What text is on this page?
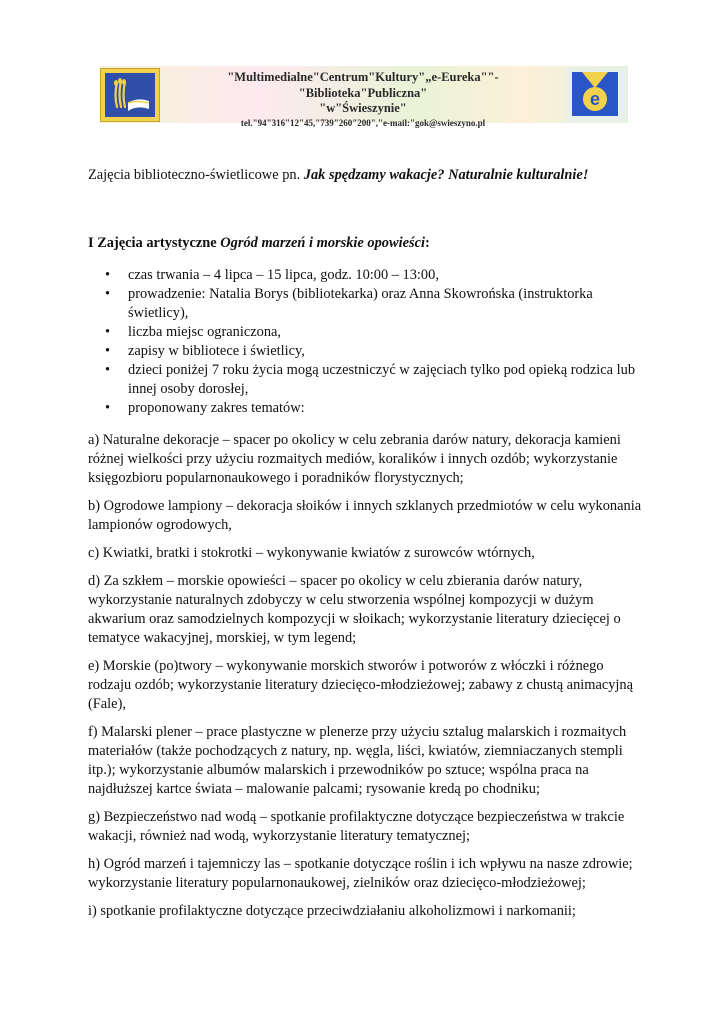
e
"Multimedialne"Centrum"Kultury"„e-Eureka""-"Biblioteka"Publiczna"
"w"Świeszynie"
tel."94"316"12"45,"739"260"200","e-mail:"gok@swieszyno.pl

Zajęcia biblioteczno-świetlicowe pn. Jak spędzamy wakacje? Naturalnie kulturalnie!

I Zajęcia artystyczne Ogród marzeń i morskie opowieści:

• czas trwania – 4 lipca – 15 lipca, godz. 10:00 – 13:00,
• prowadzenie: Natalia Borys (bibliotekarka) oraz Anna Skowrońska (instruktorka świetlicy),
• liczba miejsc ograniczona,
• zapisy w bibliotece i świetlicy,
• dzieci poniżej 7 roku życia mogą uczestniczyć w zajęciach tylko pod opieką rodzica lub innej osoby dorosłej,
• proponowany zakres tematów:

a) Naturalne dekoracje – spacer po okolicy w celu zebrania darów natury, dekoracja kamieni różnej wielkości przy użyciu rozmaitych mediów, koralików i innych ozdób; wykorzystanie księgozbioru popularnonaukowego i poradników florystycznych;

b) Ogrodowe lampiony – dekoracja słoików i innych szklanych przedmiotów w celu wykonania lampionów ogrodowych,

c) Kwiatki, bratki i stokrotki – wykonywanie kwiatów z surowców wtórnych,

d) Za szkłem – morskie opowieści – spacer po okolicy w celu zbierania darów natury, wykorzystanie naturalnych zdobyczy w celu stworzenia wspólnej kompozycji w dużym akwarium oraz samodzielnych kompozycji w słoikach; wykorzystanie literatury dziecięcej o tematyce wakacyjnej, morskiej, w tym legend;

e) Morskie (po)twory – wykonywanie morskich stworów i potworów z włóczki i różnego rodzaju ozdób; wykorzystanie literatury dziecięco-młodzieżowej; zabawy z chustą animacyjną (Fale),

f) Malarski plener – prace plastyczne w plenerze przy użyciu sztalug malarskich i rozmaitych materiałów (także pochodzących z natury, np. węgla, liści, kwiatów, ziemniaczanych stempli itp.); wykorzystanie albumów malarskich i przewodników po sztuce; wspólna praca na najdłuższej kartce świata – malowanie palcami; rysowanie kredą po chodniku;

g) Bezpieczeństwo nad wodą – spotkanie profilaktyczne dotyczące bezpieczeństwa w trakcie wakacji, również nad wodą, wykorzystanie literatury tematycznej;

h) Ogród marzeń i tajemniczy las – spotkanie dotyczące roślin i ich wpływu na nasze zdrowie; wykorzystanie literatury popularnonaukowej, zielników oraz dziecięco-młodzieżowej;

i) spotkanie profilaktyczne dotyczące przeciwdziałaniu alkoholizmowi i narkomanii;
